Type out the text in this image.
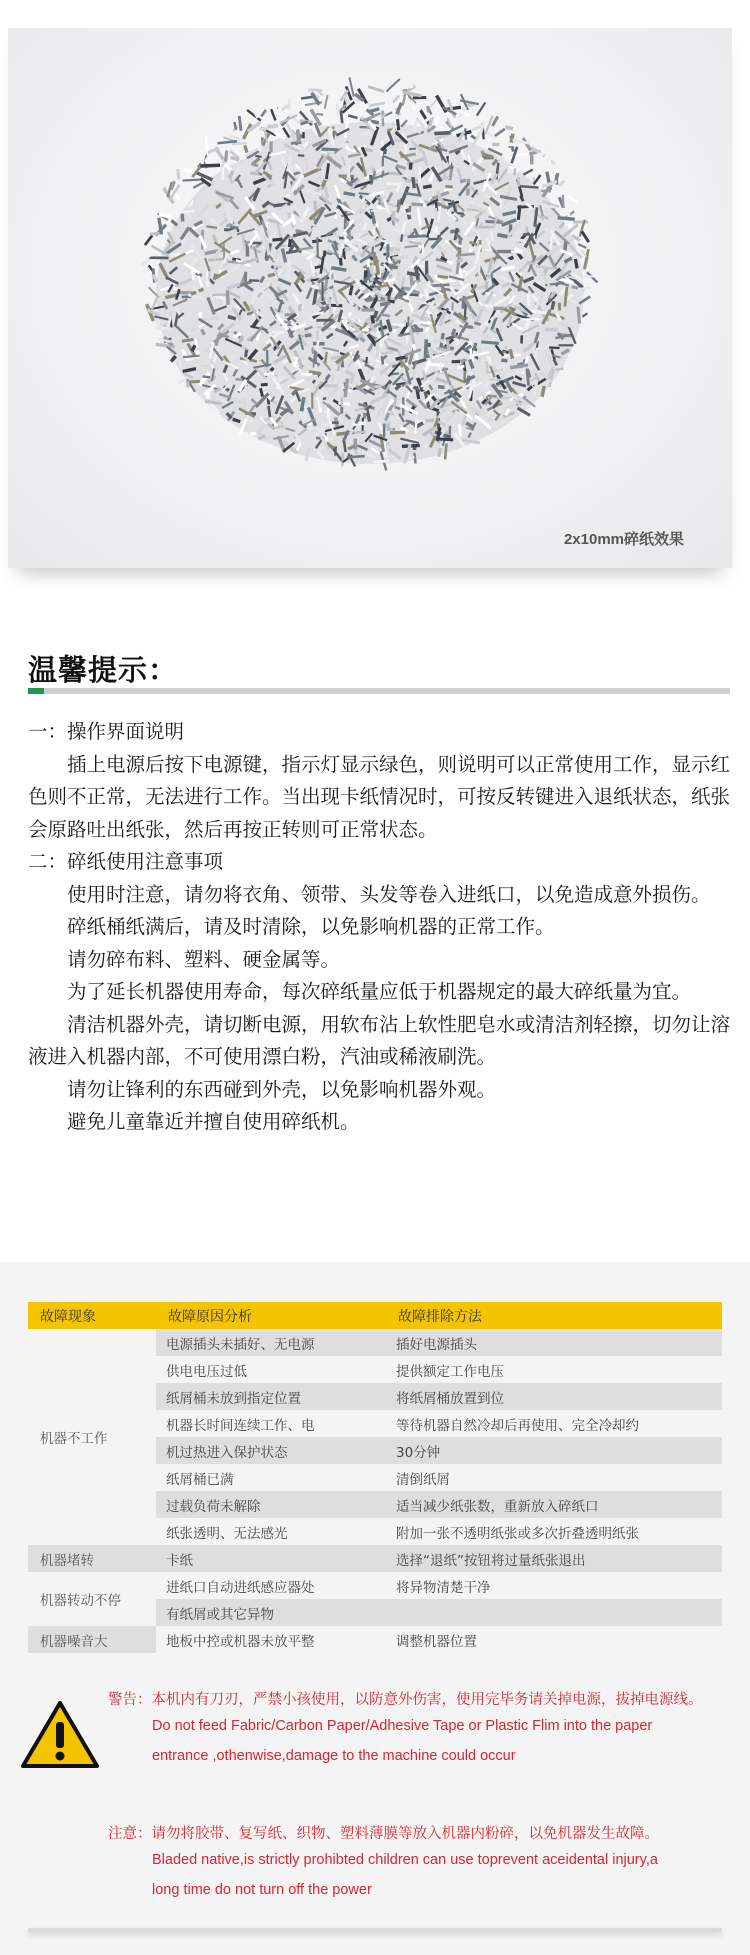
2x10mm碎纸效果
温馨提示：

一：操作界面说明

插上电源后按下电源键，指示灯显示绿色，则说明可以正常使用工作，显示红色则不正常，无法进行工作。当出现卡纸情况时，可按反转键进入退纸状态，纸张会原路吐出纸张，然后再按正转则可正常状态。

二：碎纸使用注意事项

使用时注意，请勿将衣角、领带、头发等卷入进纸口，以免造成意外损伤。

碎纸桶纸满后，请及时清除，以免影响机器的正常工作。

请勿碎布料、塑料、硬金属等。

为了延长机器使用寿命，每次碎纸量应低于机器规定的最大碎纸量为宜。

清洁机器外壳，请切断电源，用软布沾上软性肥皂水或清洁剂轻擦，切勿让溶液进入机器内部，不可使用漂白粉，汽油或稀液刷洗。

请勿让锋利的东西碰到外壳，以免影响机器外观。

避免儿童靠近并擅自使用碎纸机。

故障现象	故障原因分析	故障排除方法
机器不工作	电源插头未插好、无电源	插好电源插头
	供电电压过低	提供额定工作电压
	纸屑桶未放到指定位置	将纸屑桶放置到位
	机器长时间连续工作、电	等待机器自然冷却后再使用、完全冷却约
	机过热进入保护状态	30分钟
	纸屑桶已满	清倒纸屑
	过载负荷未解除	适当减少纸张数，重新放入碎纸口
	纸张透明、无法感光	附加一张不透明纸张或多次折叠透明纸张
机器堵转	卡纸	选择“退纸”按钮将过量纸张退出
机器转动不停	进纸口自动进纸感应器处	将异物清楚干净
	有纸屑或其它异物	
机器噪音大	地板中控或机器未放平整	调整机器位置
警告：本机内有刀刃，严禁小孩使用，以防意外伤害，使用完毕务请关掉电源，拔掉电源线。
Do not feed Fabric/Carbon Paper/Adhesive Tape or Plastic Flim into the paper
entrance ,othenwise,damage to the machine could occur
注意：请勿将胶带、复写纸、织物、塑料薄膜等放入机器内粉碎，以免机器发生故障。
Bladed native,is strictly prohibted children can use toprevent aceidental injury,a
long time do not turn off the power
